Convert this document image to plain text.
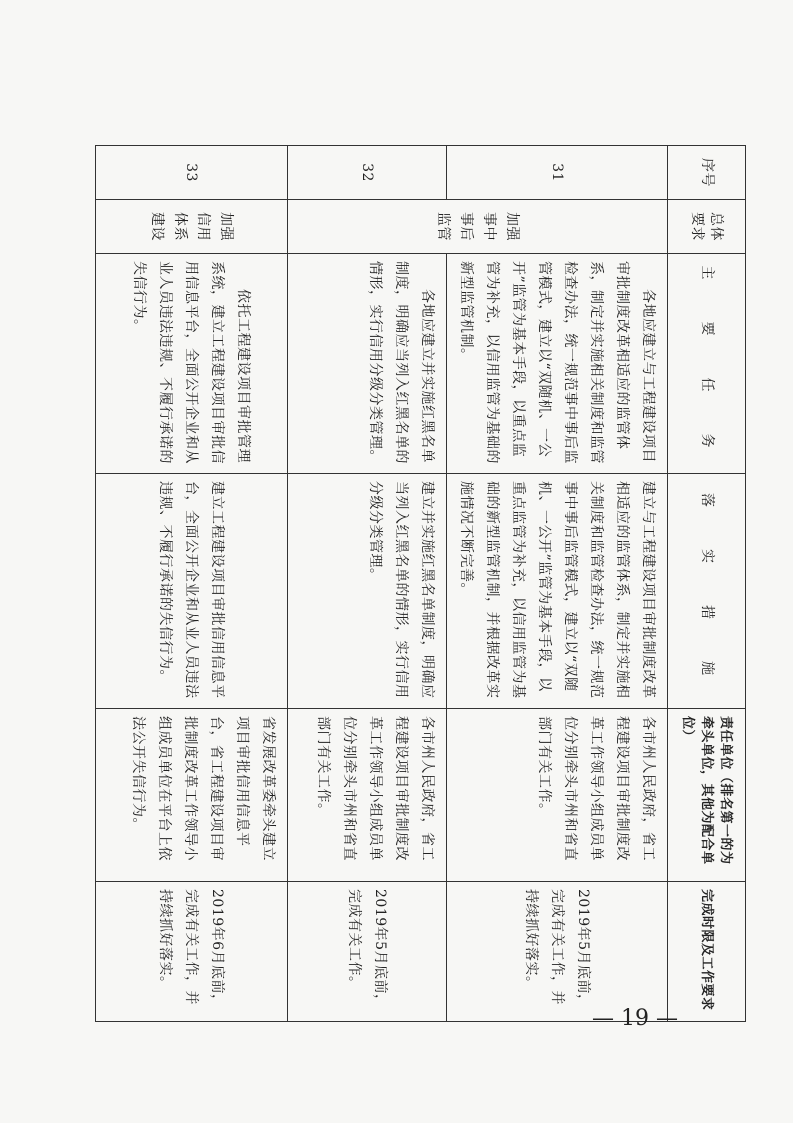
序号	总体要求	主　要　任　务	落　实　措　施	责任单位（排名第一的为牵头单位，其他为配合单位）	完成时限及工作要求
31	加强事中事后监管	各地应建立与工程建设项目审批制度改革相适应的监管体系，制定并实施相关制度和监管检查办法，统一规范事中事后监管模式，建立以“双随机、一公开”监管为基本手段，以重点监管为补充，以信用监管为基础的新型监管机制。	建立与工程建设项目审批制度改革相适应的监管体系，制定并实施相关制度和监管检查办法，统一规范事中事后监管模式，建立以“双随机、一公开”监管为基本手段，以重点监管为补充，以信用监管为基础的新型监管机制，并根据改革实施情况不断完善。	各市州人民政府，省工程建设项目审批制度改革工作领导小组成员单位分别牵头市州和省直部门有关工作。	2019年5月底前，完成有关工作，并持续抓好落实。
32		各地应建立并实施红黑名单制度，明确应当列入红黑名单的情形，实行信用分级分类管理。	建立并实施红黑名单制度，明确应当列入红黑名单的情形，实行信用分级分类管理。	各市州人民政府，省工程建设项目审批制度改革工作领导小组成员单位分别牵头市州和省直部门有关工作。	2019年5月底前，完成有关工作。
33	加强信用体系建设	依托工程建设项目审批管理系统，建立工程建设项目审批信用信息平台，全面公开企业和从业人员违法违规、不履行承诺的失信行为。	建立工程建设项目审批信用信息平台，全面公开企业和从业人员违法违规、不履行承诺的失信行为。	省发展改革委牵头建立项目审批信用信息平台，省工程建设项目审批制度改革工作领导小组成员单位在平台上依法公开失信行为。	2019年6月底前，完成有关工作，并持续抓好落实。
— 19 —
